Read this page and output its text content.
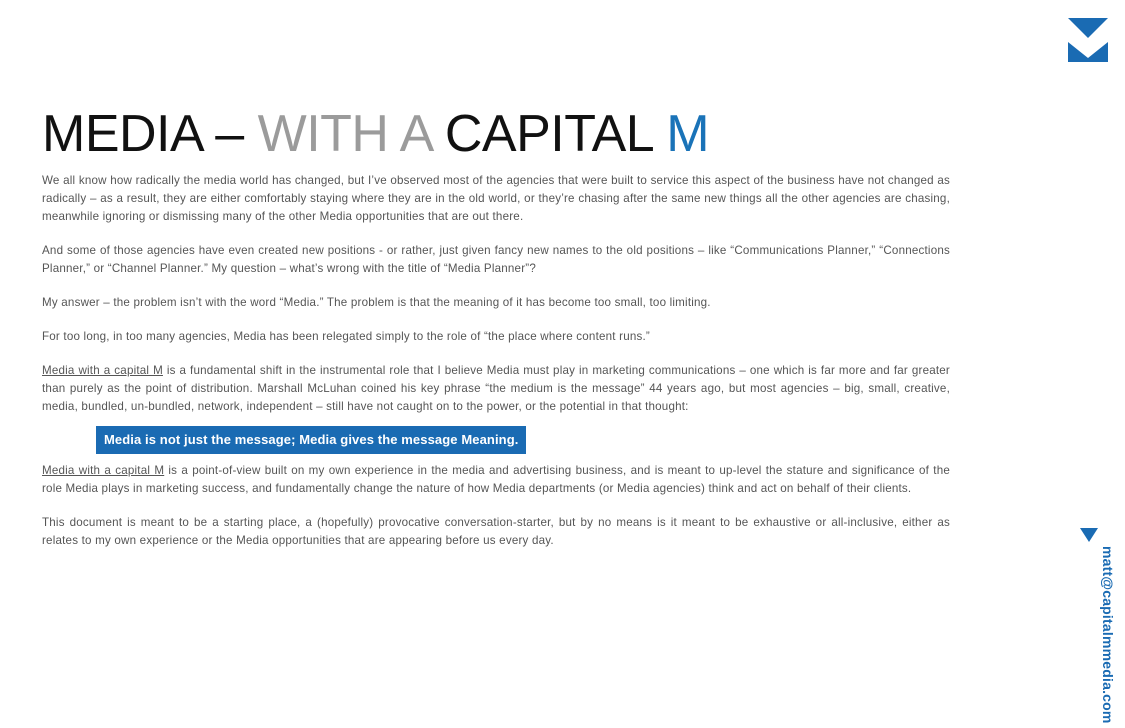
MEDIA – WITH A CAPITAL M

We all know how radically the media world has changed, but I’ve observed most of the agencies that were built to service this aspect of the business have not changed as radically – as a result, they are either comfortably staying where they are in the old world, or they’re chasing after the same new things all the other agencies are chasing, meanwhile ignoring or dismissing many of the other Media opportunities that are out there.

And some of those agencies have even created new positions - or rather, just given fancy new names to the old positions – like “Communications Planner,” “Connections Planner,” or “Channel Planner.” My question – what’s wrong with the title of “Media Planner”?

My answer – the problem isn’t with the word “Media.” The problem is that the meaning of it has become too small, too limiting.

For too long, in too many agencies, Media has been relegated simply to the role of “the place where content runs.”

Media with a capital M is a fundamental shift in the instrumental role that I believe Media must play in marketing communications – one which is far more and far greater than purely as the point of distribution. Marshall McLuhan coined his key phrase “the medium is the message” 44 years ago, but most agencies – big, small, creative, media, bundled, un-bundled, network, independent – still have not caught on to the power, or the potential in that thought:

Media is not just the message; Media gives the message Meaning.

Media with a capital M is a point-of-view built on my own experience in the media and advertising business, and is meant to up-level the stature and significance of the role Media plays in marketing success, and fundamentally change the nature of how Media departments (or Media agencies) think and act on behalf of their clients.

This document is meant to be a starting place, a (hopefully) provocative conversation-starter, but by no means is it meant to be exhaustive or all-inclusive, either as relates to my own experience or the Media opportunities that are appearing before us every day.

matt@capitalmmedia.com
